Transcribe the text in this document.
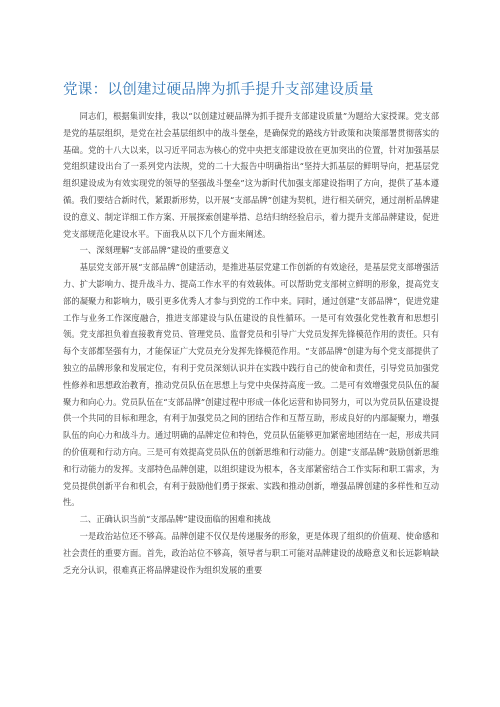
党课：以创建过硬品牌为抓手提升支部建设质量

同志们，根据集训安排，我以“以创建过硬品牌为抓手提升支部建设质量”为题给大家授课。党支部是党的基层组织，是党在社会基层组织中的战斗堡垒，是确保党的路线方针政策和决策部署贯彻落实的基础。党的十八大以来，以习近平同志为核心的党中央把支部建设放在更加突出的位置，针对加强基层党组织建设出台了一系列党内法规，党的二十大报告中明确指出“坚持大抓基层的鲜明导向，把基层党组织建设成为有效实现党的领导的坚强战斗堡垒”这为新时代加强支部建设指明了方向，提供了基本遵循。我们要结合新时代，紧跟新形势，以开展“支部品牌”创建为契机，进行相关研究，通过剖析品牌建设的意义、制定详细工作方案、开展探索创建举措、总结归纳经验启示，着力提升支部品牌建设，促进党支部规范化建设水平。下面我从以下几个方面来阐述。

一、深刻理解“支部品牌”建设的重要意义

基层党支部开展“支部品牌”创建活动，是推进基层党建工作创新的有效途径，是基层党支部增强活力、扩大影响力、提升战斗力、提高工作水平的有效载体。可以帮助党支部树立鲜明的形象，提高党支部的凝聚力和影响力，吸引更多优秀人才参与到党的工作中来。同时，通过创建“支部品牌”，促进党建工作与业务工作深度融合，推进支部建设与队伍建设的良性循环。一是可有效强化党性教育和思想引领。党支部担负着直接教育党员、管理党员、监督党员和引导广大党员发挥先锋模范作用的责任。只有每个支部都坚强有力，才能保证广大党员充分发挥先锋模范作用。“支部品牌”创建为每个党支部提供了独立的品牌形象和发展定位，有利于党员深刻认识并在实践中践行自己的使命和责任，引导党员加强党性修养和思想政治教育，推动党员队伍在思想上与党中央保持高度一致。二是可有效增强党员队伍的凝聚力和向心力。党员队伍在“支部品牌”创建过程中形成一体化运营和协同努力，可以为党员队伍建设提供一个共同的目标和理念，有利于加强党员之间的团结合作和互帮互助，形成良好的内部凝聚力，增强队伍的向心力和战斗力。通过明确的品牌定位和特色，党员队伍能够更加紧密地团结在一起，形成共同的价值观和行动方向。三是可有效提高党员队伍的创新思维和行动能力。创建“支部品牌”鼓励创新思维和行动能力的发挥。支部特色品牌创建，以组织建设为根本，各支部紧密结合工作实际和职工需求，为党员提供创新平台和机会，有利于鼓励他们勇于探索、实践和推动创新，增强品牌创建的多样性和互动性。

二、正确认识当前“支部品牌”建设面临的困难和挑战

一是政治站位还不够高。品牌创建不仅仅是传递服务的形象，更是体现了组织的价值观、使命感和社会责任的重要方面。首先，政治站位不够高，领导者与职工可能对品牌建设的战略意义和长远影响缺乏充分认识，很难真正将品牌建设作为组织发展的重要
